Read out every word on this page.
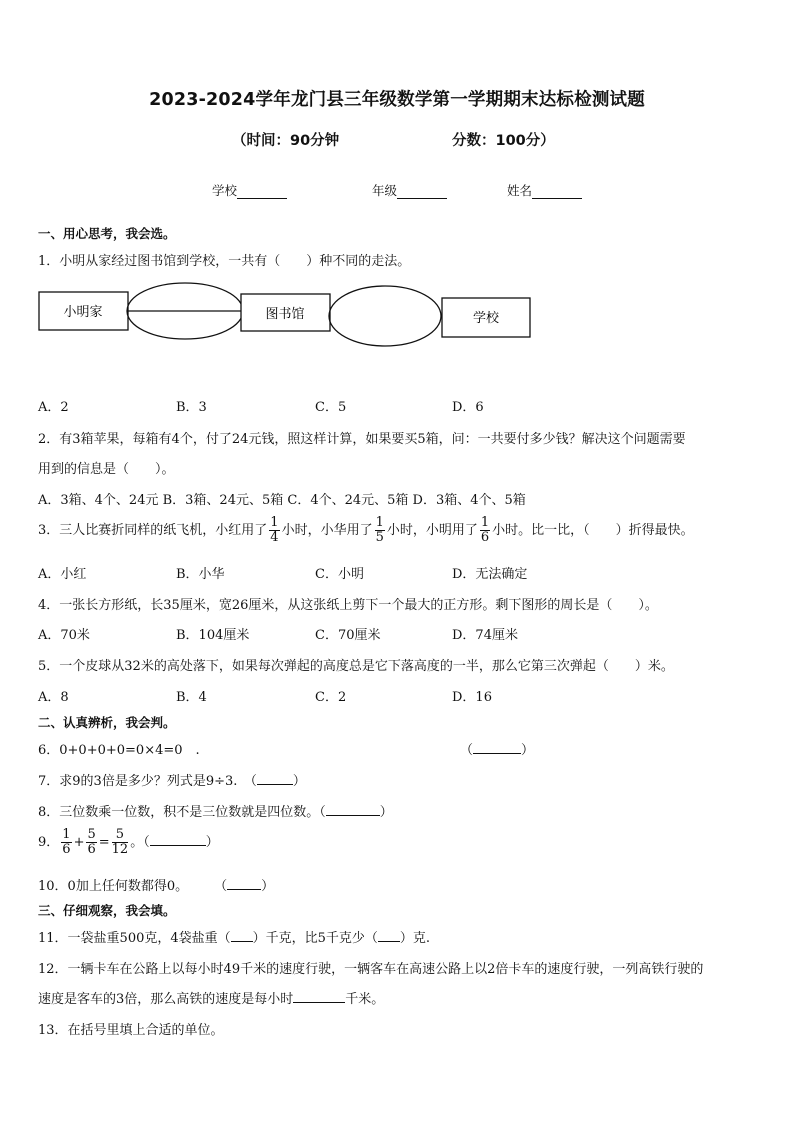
2023-2024学年龙门县三年级数学第一学期期末达标检测试题
（时间：90分钟	分数：100分）
学校	年级	姓名
一、用心思考，我会选。
1．小明从家经过图书馆到学校，一共有（　　）种不同的走法。
小明家	图书馆	学校
A．2	B．3	C．5	D．6
2．有3箱苹果，每箱有4个，付了24元钱，照这样计算，如果要买5箱，问：一共要付多少钱？解决这个问题需要
用到的信息是（　　）。
A．3箱、4个、24元 B．3箱、24元、5箱 C．4个、24元、5箱 D．3箱、4个、5箱
3．三人比赛折同样的纸飞机，小红用了 $\frac{1}{4}$ 小时，小华用了 $\frac{1}{5}$ 小时，小明用了 $\frac{1}{6}$ 小时。比一比，（　　）折得最快。
A．小红	B．小华	C．小明	D．无法确定
4．一张长方形纸，长35厘米，宽26厘米，从这张纸上剪下一个最大的正方形。剩下图形的周长是（　　）。
A．70米	B．104厘米	C．70厘米	D．74厘米
5．一个皮球从32米的高处落下，如果每次弹起的高度总是它下落高度的一半，那么它第三次弹起（　　）米。
A．8	B．4	C．2	D．16
二、认真辨析，我会判。
6．0+0+0+0=0×4=0　.	（	）
7．求9的3倍是多少？列式是9÷3.　 （	）
8．三位数乘一位数，积不是三位数就是四位数。（	）
9． $\frac{1}{6} + \frac{5}{6} = \frac{5}{12}$ 。（	）
10．0加上任何数都得0。　　　	（	）
三、仔细观察，我会填。
11．一袋盐重500克，4袋盐重（ ）千克，比5千克少（ ）克.
12．一辆卡车在公路上以每小时49千米的速度行驶，一辆客车在高速公路上以2倍卡车的速度行驶，一列高铁行驶的
速度是客车的3倍，那么高铁的速度是每小时	千米。
13．在括号里填上合适的单位。
